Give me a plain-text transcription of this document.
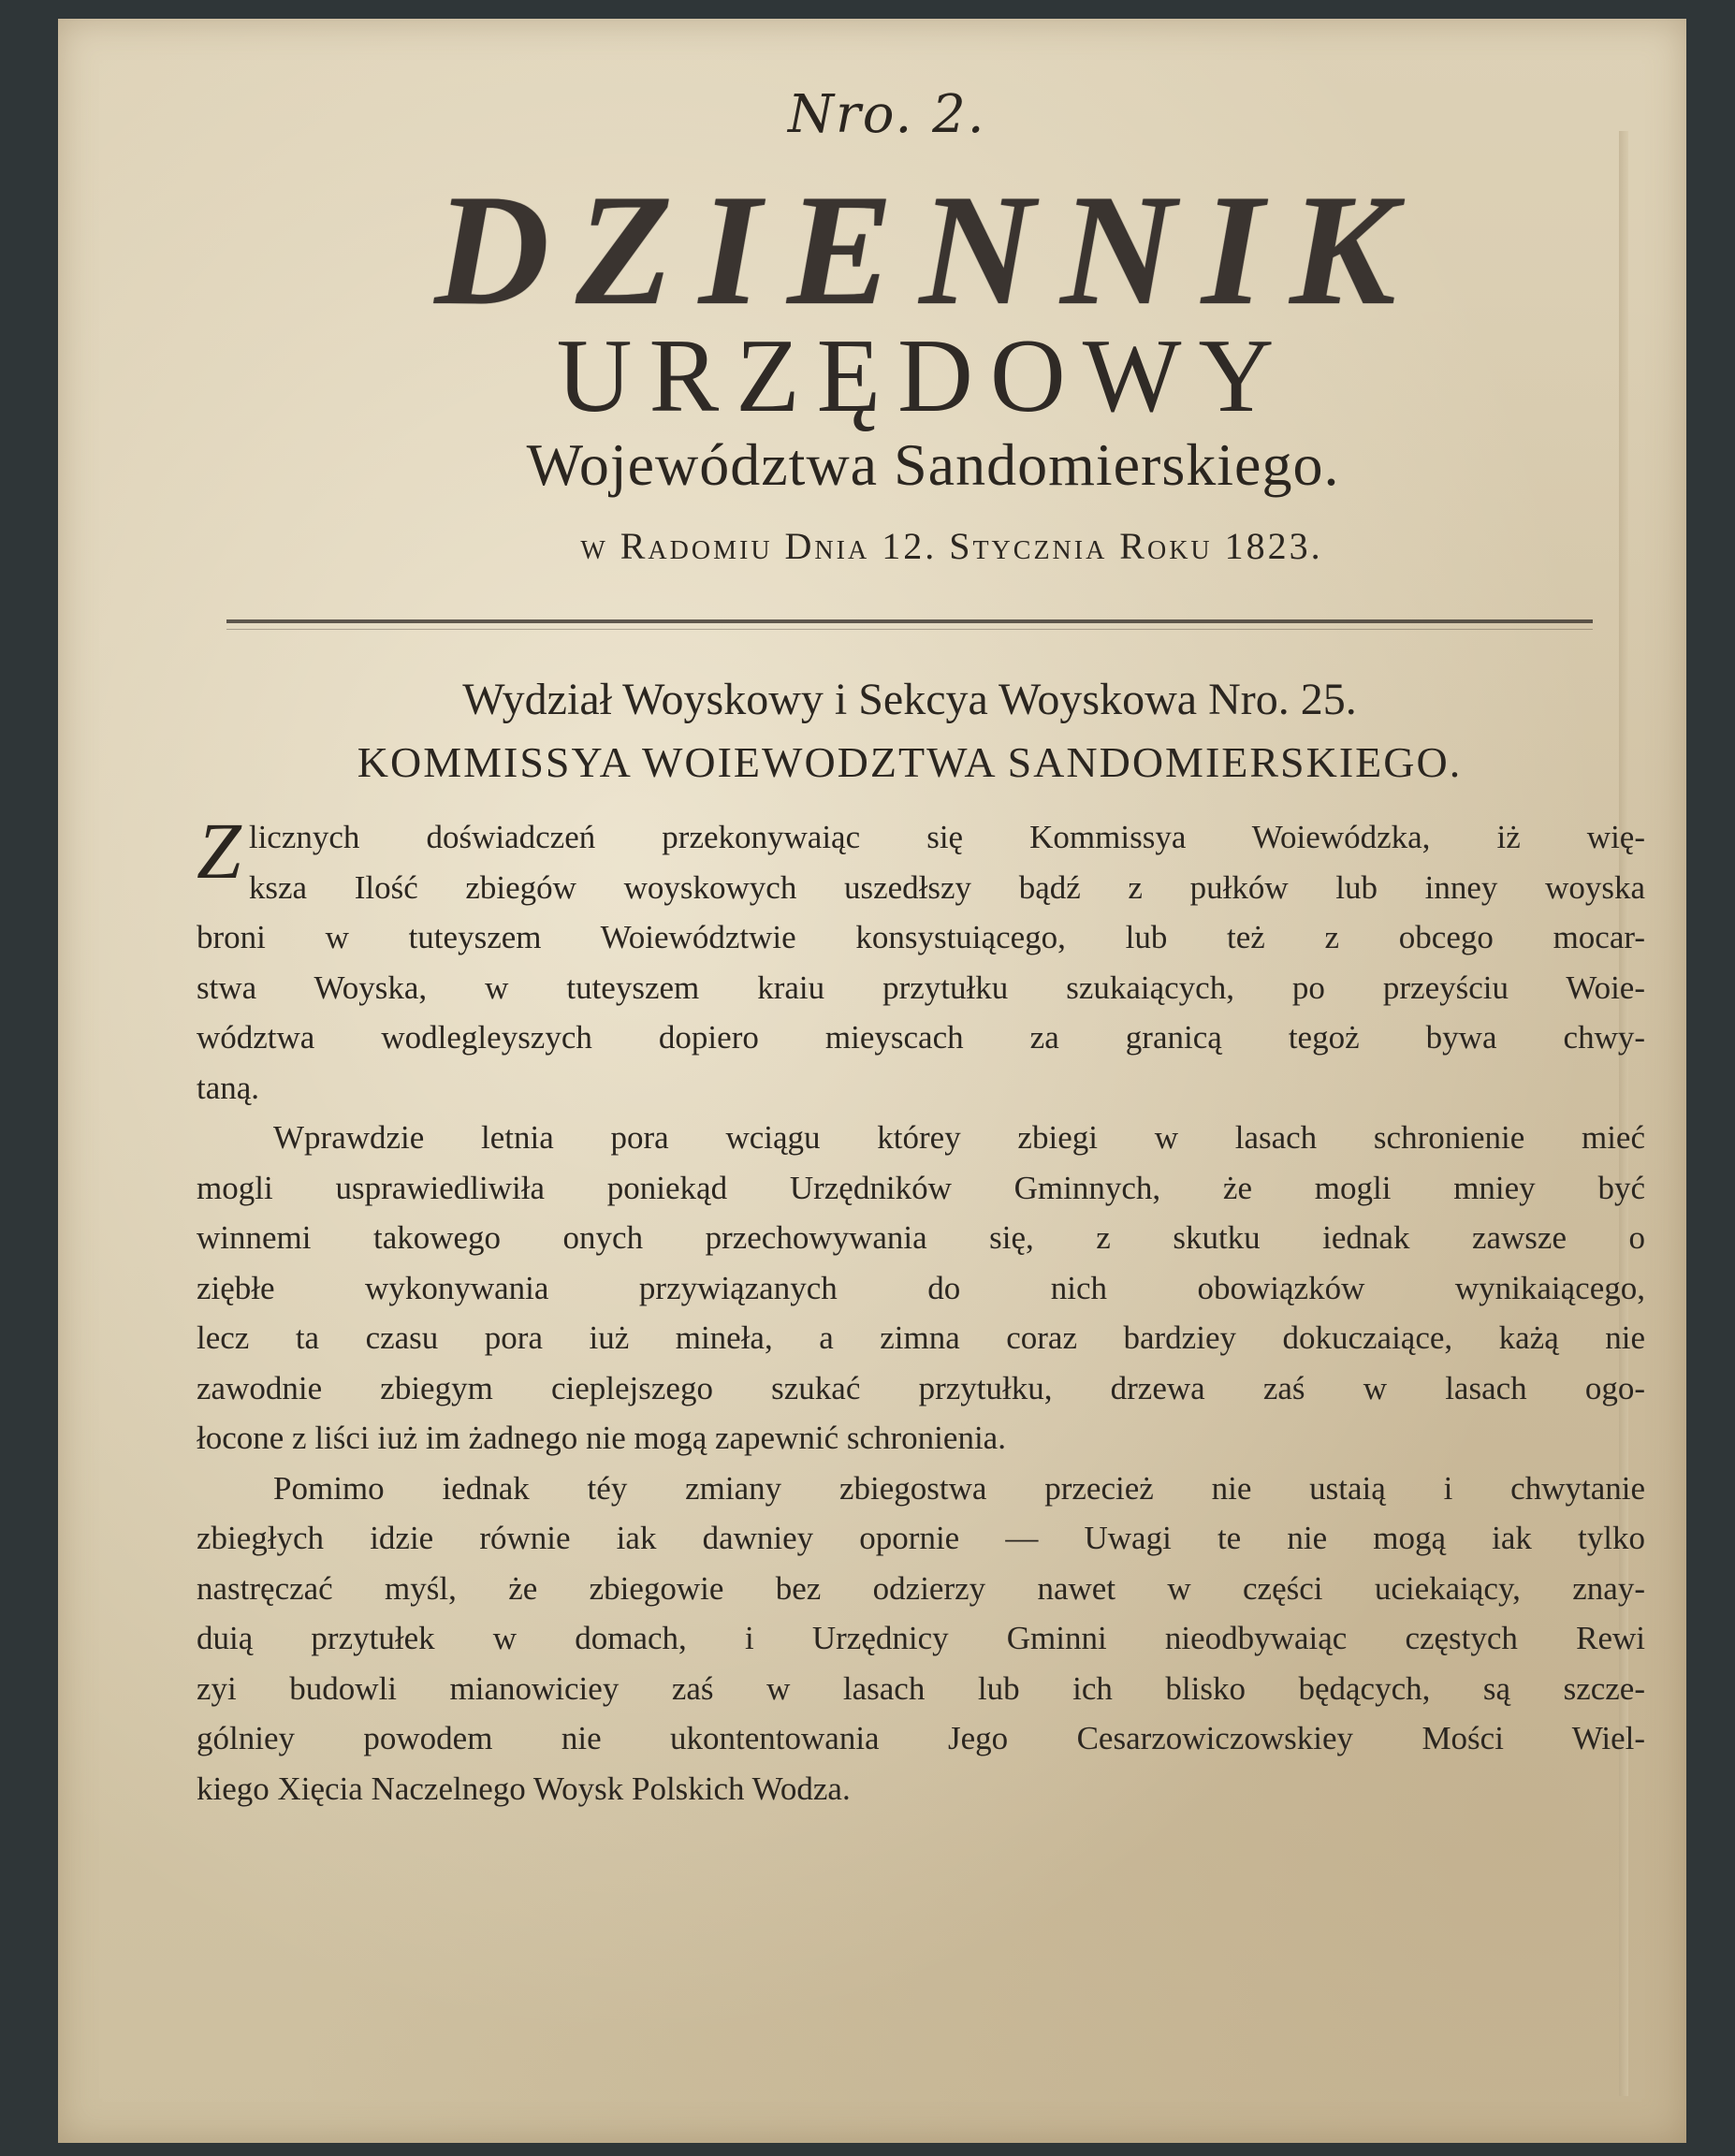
Nro. 2.
DZIENNIK
URZĘDOWY
Województwa Sandomierskiego.
w Radomiu Dnia 12. Stycznia Roku 1823.
Wydział Woyskowy i Sekcya Woyskowa Nro. 25.
KOMMISSYA WOIEWODZTWA SANDOMIERSKIEGO.
Z licznych doświadczeń przekonywaiąc się Kommissya Woiewódzka, iż wię-
ksza Ilość zbiegów woyskowych uszedłszy bądź z pułków lub inney woyska
broni w tuteyszem Woiewództwie konsystuiącego, lub też z obcego mocar-
stwa Woyska, w tuteyszem kraiu przytułku szukaiących, po przeyściu Woie-
wództwa wodlegleyszych dopiero mieyscach za granicą tegoż bywa chwy-
taną.
Wprawdzie letnia pora wciągu którey zbiegi w lasach schronienie mieć
mogli usprawiedliwiła poniekąd Urzędników Gminnych, że mogli mniey być
winnemi takowego onych przechowywania się, z skutku iednak zawsze o
ziębłe wykonywania przywiązanych do nich obowiązków wynikaiącego,
lecz ta czasu pora iuż mineła, a zimna coraz bardziey dokuczaiące, każą nie
zawodnie zbiegym cieplejszego szukać przytułku, drzewa zaś w lasach ogo-
łocone z liści iuż im żadnego nie mogą zapewnić schronienia.
Pomimo iednak téy zmiany zbiegostwa przecież nie ustaią i chwytanie
zbiegłych idzie równie iak dawniey opornie — Uwagi te nie mogą iak tylko
nastręczać myśl, że zbiegowie bez odzierzy nawet w części uciekaiący, znay-
duią przytułek w domach, i Urzędnicy Gminni nieodbywaiąc częstych Rewi
zyi budowli mianowiciey zaś w lasach lub ich blisko będących, są szcze-
gólniey powodem nie ukontentowania Jego Cesarzowiczowskiey Mości Wiel-
kiego Xięcia Naczelnego Woysk Polskich Wodza.
